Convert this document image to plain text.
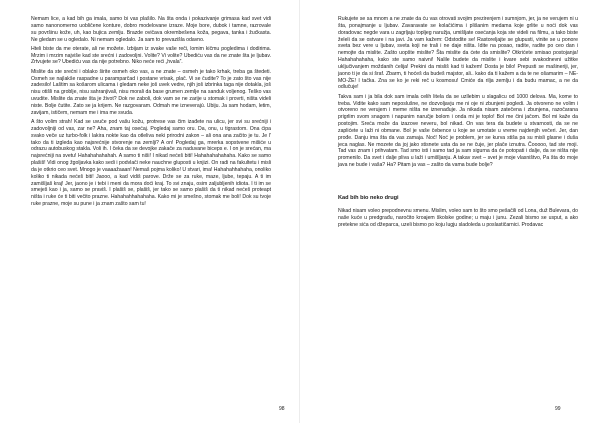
Nemam lice, a kad bih ga imala, samo bi vas plašilo. Na šta onda i pokazivanje grimasa kad svet vidi samo nanonomerno uobličene konture, dobro modelovane izraze. Moje bore, dubok i tamne, razrovale su površinu kože, uh, kao bujica zemlju. Brazde ovičava okrembešena koža, pegava, tanka i žućkasta. Ne gledam se u ogledalo. Ni nemam ogledalo. Ja sam to prevazišla odavno.

Hteli biste da me oterate, ali ne možete. Izbijam iz svake vaše reči, lomim kičmu pogledima i dodirima. Mrzim i mrzim najviše kad ste srećni i zadovoljni. Volite? Vi volite? Ubediću vas da ne znate šta je ljubav. Zrtvujete se? Ubediću vas da nije potrebno. Niko neće reći „hvala”.

Mislite da ste srećni i oblako širite osmeh oko vas, a ne znate – osmeh je tako krhak, treba ga štedeti. Osmeh se najlakše raspadne u paramparčad i postane vrisak, plač. Vi se čudite? To je zato što vas nije zadesilo! Laštim sa košarom ulicama i gledam neke još uvek vedre, njih još izbrinka taga nije dotakla, još nisu otišli na groblje, nisu sahranjivali, nisu morali da base grumen zemlje na sanduk voljenog. Teško vas uvudite. Mislite da znate šta je život? Dok ne zaboli, dok vam se ne zarije u stomak i provrti, ništa videli niste. Bolje čutite. Zato se ja krijem. Ne razgovaram. Odmah me izneverajú. Ubiju. Ja sam hodam, letim, zavijam, ističem, nemam me i ima me svuda.

A što volim strah! Kad se uvuče pod vašu kožu, protrese vas čim izađete na ulicu, jer svi su srećniji i zadovoljniji od vas, zar ne? Aha, znam taj osećaj. Pogledaj samo oru. Da, onu, u tigrastom. Ona ćipa svako veče uz turbo-folk i lakira nokte kao da otleliva neki prirodni zakon – ali ona ana začito je tu. Je l' tako da ti izgleda kao najsrećnije stvorenje na zemlji? A on! Pogledaj ga, mrerka sopstvene mišiće u odrazu autobuskog stakla. Voli ih. I čeka da se devojke zakače za naduvane biceps e. I on je srećan, ma najsrećniji na svetu! Hahahahahahah. A samo ti niši! I nikad nećeš biti! Hahahahahahaha. Kako se samo plašiš! Vidi onog žgoljavka kako sedi i podvlači neke nauchne gluposti u knjizi. On radi na fakultetu i misli da je otkrio ceo svet. Mnogo je vaaaažaaan! Nemaš pojma koliko! U stvari, ima! Hahahahhahaha, onoliko koliko ti nikada nećeš biti! Jaooo, a kad vidiš parove. Drže se za ruke, maze, ljube, tepaju. A ti im zamišljaš kraj! Jer, jaono je i tebi i meni da mora doći kraj. To svi znaju, osim zaljubljenih idiota. I ti im se smeješ kao i ja, samo se praviš. I plašiš se, plašiš, jer tako se samo plašiš da ti nikad nećeš proteapt ništa i ruke će ti biti večito prazne. Hahahahhahahaha. Kako mi je smešno, stomak me boli! Dok su tvoje ruke prazne, moje su pune i ja znam zašto sam tu!

98

Rukujete se sa mnom a ne znate da ću vas otrovati svojim prezirenjem i sumnjom, jer, ja ne verujem ni u šta, ponajmanje u ljubav. Zavaravate se kolačićima i plišanim medama koje grlite u noći dok vas doradovac negde vara u zagrljaju topljeg naružja, umišljate osećanja koja ste videli na filmu, a tako biste želeli da se ostvare i na javi. Ja vam kažem: Odstodite se! Rastoreljajte se glupusti, vinite se u ponore sveta bez vere u ljubav, sveta koji ne trali i ne daje ništa. Idite na posao, radite, radite po ceo dan i nemojte da mislite. Zašto uopšte mislite? Šta mislite da ćete da smislite? Otkrićete smisao postojanja! Hahahahahaha, kako ste samo naivni! Nalile budete da mislite i kvare sebi svakodnevni užitke uključivanjem moždanih ćelija! Prekini da misliš kad ti kažem! Dosta je bilo! Prepusti se mašineriji, jer, jaono ti je da si šraf. Zbarm, ti hoćeš da budeš majstor, ali.. kako da ti kažem a da te ne ošamarim – NE-MO-ŽE! I tačka. Zna se ko je reki reč u kosmosu! Cmiće da rilja zemlju i da budu mamac, a ne da odlučuje!

Takva sam i ja bila dok sam imala celih litela da se uzllebim u slagalicu od 1000 delova. Ma, kome to treba. Vidite kako sam neposlušne, ne dozvoljavju me ni oje ni zbunjeni pogledi. Ja otvoreno ne volim i otvoreno ne verujem i meme ništa ne iznenađuje. Ja nikada nisam zatečena i zbunjena, razočarana prigrlim svom snagom i napunim naručje bolom i onda mi je toplo! Bol me čini jačom. Bol mi kaže da postojim. Sreća može da izazove neveru, bol nikad. On vas tera da budete u stvarnosti, da se ne zaplićete u laži ni obmane. Bol je vaše čebence u koje se umotate u vreme najdenjih večeri. Jer, dan prođe. Danju ima šta da vas zamaja. Noć! Noć je problem, jer se kurva stiša pa su misli glasne i duša jeca naglas. Ne mozete da joj jako stisnete usta da se ne čuje, jer plače iznutra. Čooooo, tad ste moji. Tad vas znam i prihvatam. Tad smo isti i samo tad ja sam sigurna da će potopati i dalje, da se ništa nije promenilo. Da svet i dalje pliva u laži i umišljanju. A takav svet – svet je moje vlasništvo, Pa šta do moje java ne bude i vaša? Ha? Pitam ja vas – zašto da vama bude bolje?

Kad bih bio neko drugi

Nikad nisam voleo prepodnevnu smenu. Mislim, voleo sam to što smo pešačili od Lona, duž Bulevara, do naše kuće u predgrađu, naročito kroajem školske godine; u maju i junu. Zezali bismo se usput, a ako pretekne sića od džeparca, uzeli bismo po koju lugju sladoleda u poslastičarnici. Prodavac

99
